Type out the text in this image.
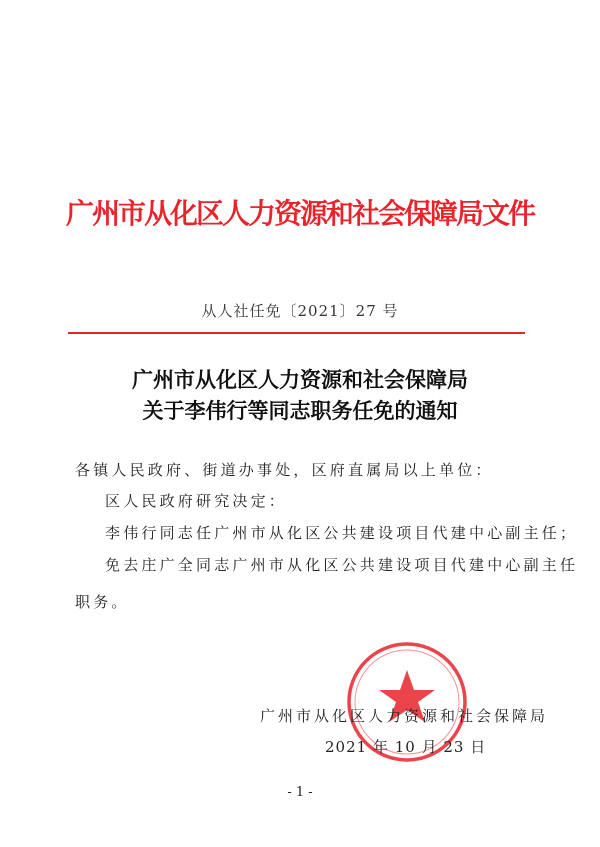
广州市从化区人力资源和社会保障局文件
从人社任免〔2021〕27 号
广州市从化区人力资源和社会保障局
关于李伟行等同志职务任免的通知
各镇人民政府、街道办事处，区府直属局以上单位：
区人民政府研究决定：
李伟行同志任广州市从化区公共建设项目代建中心副主任；
免去庄广全同志广州市从化区公共建设项目代建中心副主任
职务。
广州市从化区人力资源和社会保障局
2021 年 10 月 23 日
- 1 -
